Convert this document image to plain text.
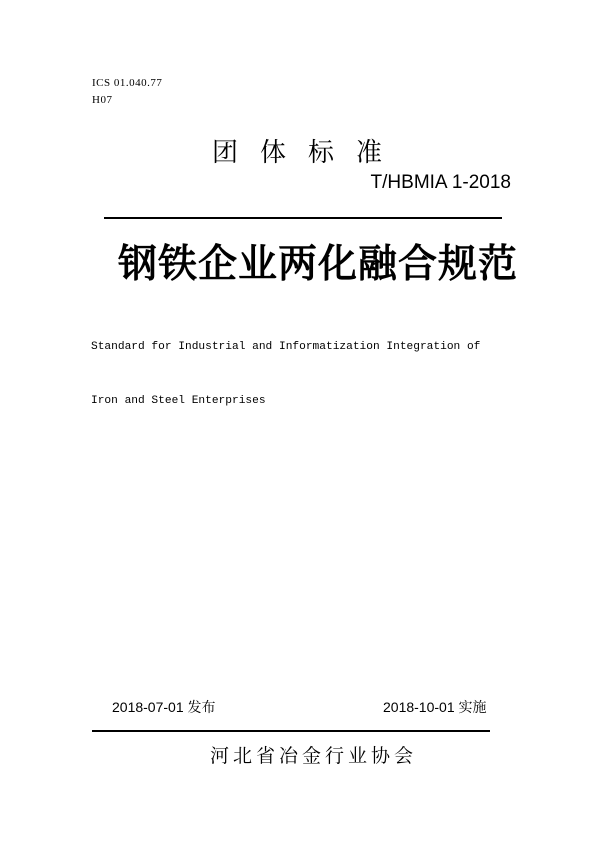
ICS 01.040.77
H07
团体标准
T/HBMIA 1-2018
钢铁企业两化融合规范

Standard for Industrial and Informatization Integration of

Iron and Steel Enterprises

2018-07-01 发布	2018-10-01 实施
河北省冶金行业协会
